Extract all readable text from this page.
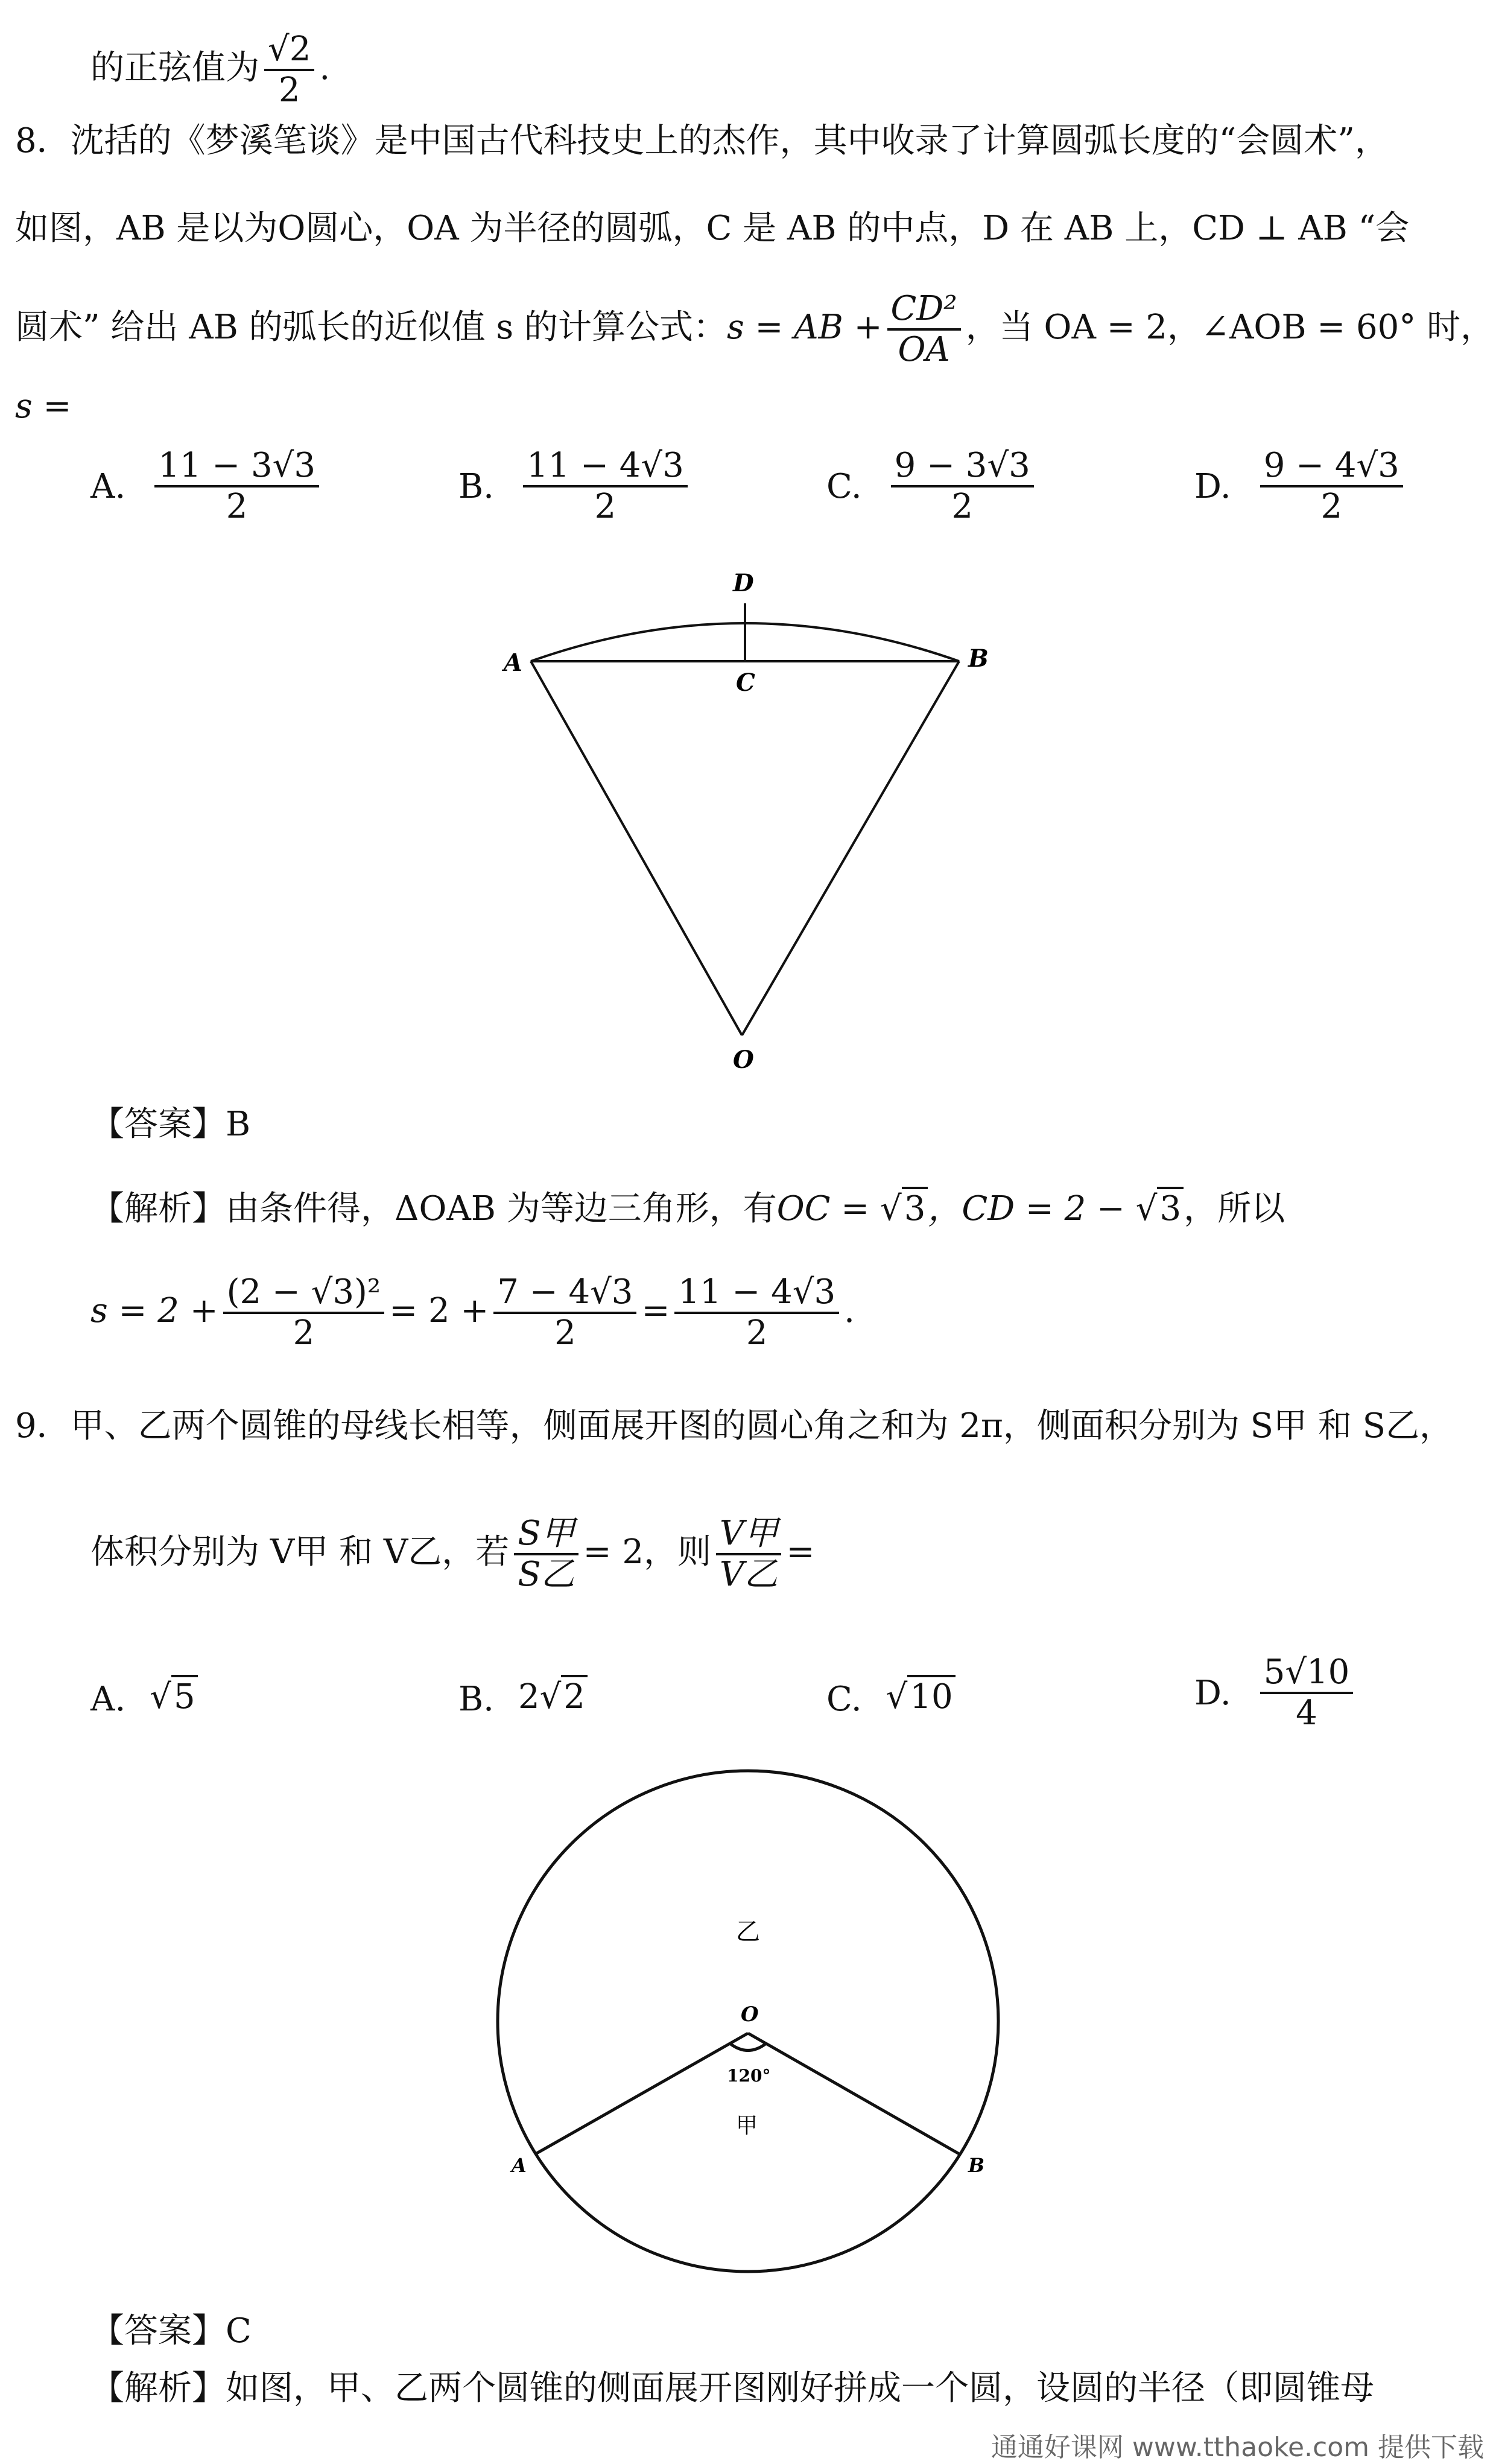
的正弦值为 $\frac{√2}{2}$ .
8．沈括的《梦溪笔谈》是中国古代科技史上的杰作，其中收录了计算圆弧长度的“会圆术”，
如图，AB 是以为O圆心，OA 为半径的圆弧，C 是 AB 的中点，D 在 AB 上，CD ⊥ AB “会
圆术” 给出 AB 的弧长的近似值 s 的计算公式：s = AB + $\frac{\text{CD²}}{OA}$ ，当 OA = 2，∠AOB = 60° 时，
s =
A. $\frac{11 - 3√3}{2}$	B. $\frac{11 - 4√3}{2}$	C. $\frac{9 - 3√3}{2}$	D. $\frac{9 - 4√3}{2}$
A	B
C
D
O
【答案】B
【解析】由条件得，ΔOAB 为等边三角形，有OC = √3，CD = 2 − √3，所以
$s = 2 + \frac{\text{(2 − √3)²}}{2} = 2 + \frac{7 - 4√3}{2} = \frac{11 - 4√3}{2}$ .
9．甲、乙两个圆锥的母线长相等，侧面展开图的圆心角之和为 2π，侧面积分别为 S甲 和 S乙，
体积分别为 V甲 和 V乙，若 $\frac{\text{S甲}}{\text{S乙}} = 2$，则 $\frac{\text{V甲}}{\text{V乙}}$ =
A. √5	B. 2√2	C. √10	D. $\frac{5√10}{4}$
乙
O
120°
甲
A	B
【答案】C
【解析】如图，甲、乙两个圆锥的侧面展开图刚好拼成一个圆，设圆的半径（即圆锥母
通通好课网 www.tthaoke.com 提供下载
